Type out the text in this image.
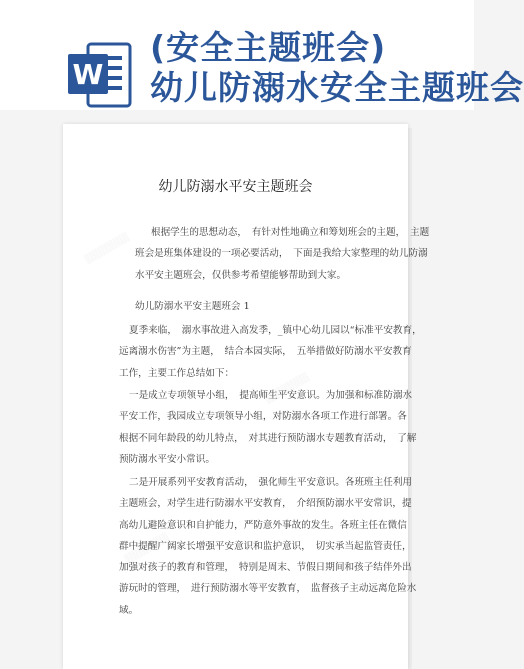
W
(安全主题班会)
幼儿防溺水安全主题班会
幼儿防溺水平安主题班会
根据学生的思想动态，　有针对性地确立和筹划班会的主题，　主题
班会是班集体建设的一项必要活动，　下面是我给大家整理的幼儿防溺
水平安主题班会，仅供参考希望能够帮助到大家。
幼儿防溺水平安主题班会 1
夏季来临，　溺水事故进入高发季，_镇中心幼儿园以“标准平安教育，
远离溺水伤害”为主题，　结合本园实际，　五举措做好防溺水平安教育
工作，主要工作总结如下：
一是成立专项领导小组，　提高师生平安意识。为加强和标准防溺水
平安工作，我园成立专项领导小组，对防溺水各项工作进行部署。各
根据不同年龄段的幼儿特点，　对其进行预防溺水专题教育活动，　了解
预防溺水平安小常识。
二是开展系列平安教育活动，　强化师生平安意识。各班班主任利用
主题班会，对学生进行防溺水平安教育，　介绍预防溺水平安常识，提
高幼儿避险意识和自护能力，严防意外事故的发生。各班主任在微信
群中提醒广阔家长增强平安意识和监护意识，　切实承当起监管责任，
加强对孩子的教育和管理，　特别是周末、节假日期间和孩子结伴外出
游玩时的管理，　进行预防溺水等平安教育，　监督孩子主动远离危险水
域。
